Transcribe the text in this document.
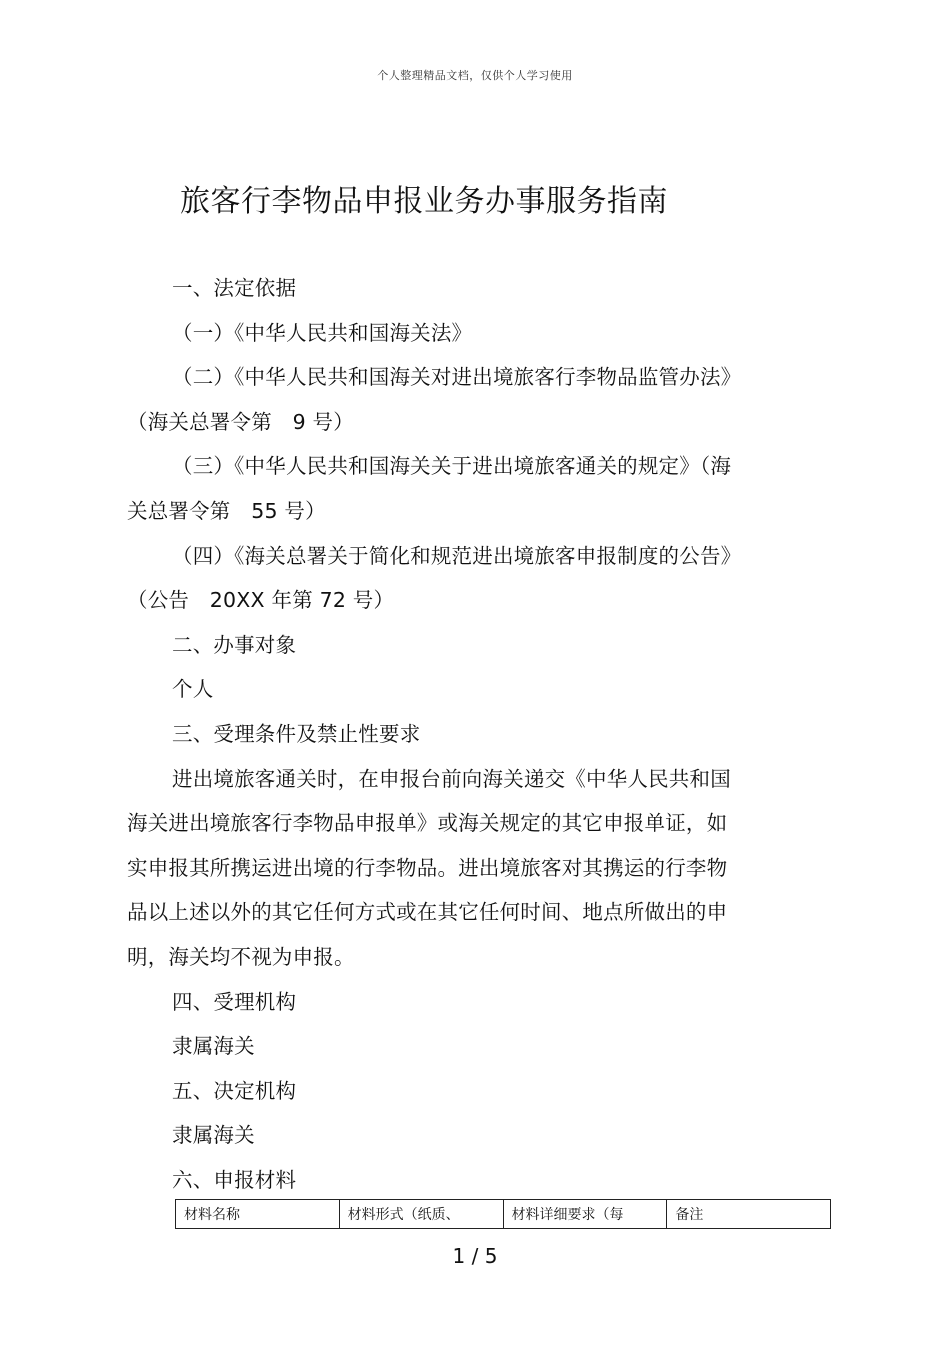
个人整理精品文档，仅供个人学习使用
旅客行李物品申报业务办事服务指南

一、法定依据

（一）《中华人民共和国海关法》

（二）《中华人民共和国海关对进出境旅客行李物品监管办法》（海关总署令第　9 号）

（三）《中华人民共和国海关关于进出境旅客通关的规定》（海关总署令第　55 号）

（四）《海关总署关于简化和规范进出境旅客申报制度的公告》（公告　20XX 年第 72 号）

二、办事对象

个人

三、受理条件及禁止性要求

进出境旅客通关时，在申报台前向海关递交《中华人民共和国海关进出境旅客行李物品申报单》或海关规定的其它申报单证，如实申报其所携运进出境的行李物品。进出境旅客对其携运的行李物品以上述以外的其它任何方式或在其它任何时间、地点所做出的申明，海关均不视为申报。

四、受理机构

隶属海关

五、决定机构

隶属海关

六、申报材料

材料名称	材料形式（纸质、	材料详细要求（每	备注
1 / 5
